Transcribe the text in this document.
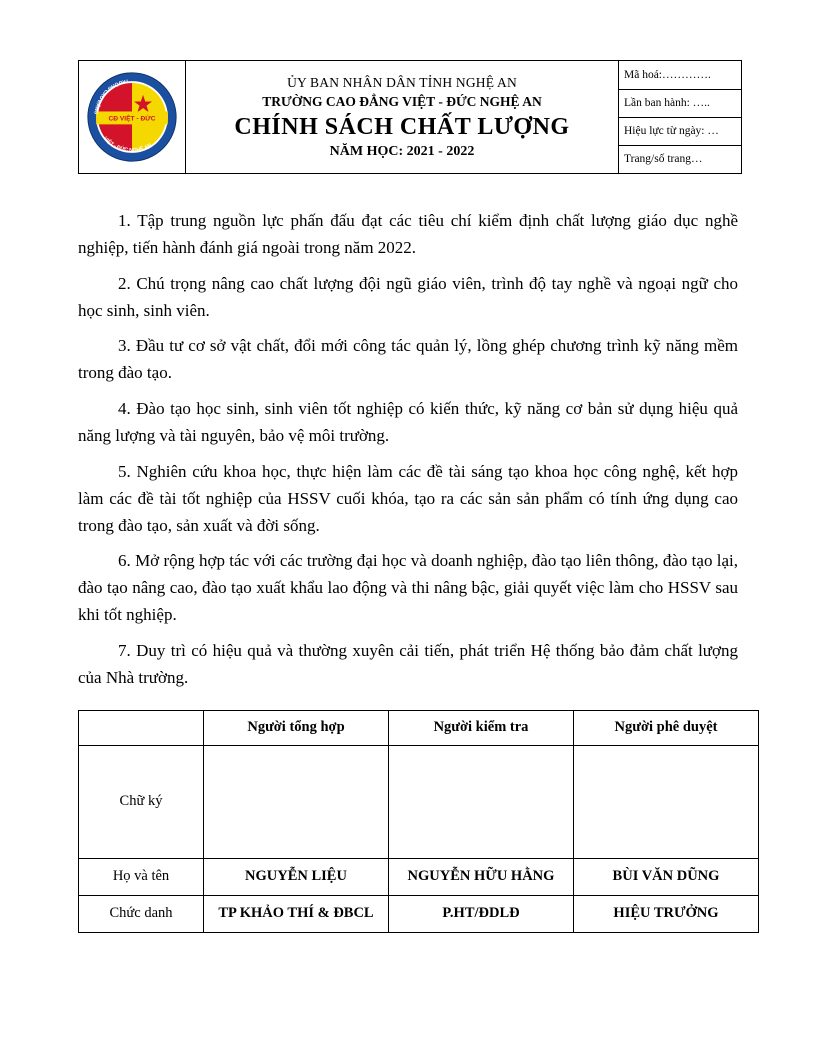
CĐ VIỆT - ĐỨC
TRƯỜNG CAO ĐẲNG
VIỆT - ĐỨC NGHỆ AN

ỦY BAN NHÂN DÂN TỈNH NGHỆ AN
TRƯỜNG CAO ĐẲNG VIỆT - ĐỨC NGHỆ AN
CHÍNH SÁCH CHẤT LƯỢNG
NĂM HỌC: 2021 - 2022

Mã hoá:………….
Lần ban hành: …..
Hiệu lực từ ngày: …
Trang/số trang…

1. Tập trung nguồn lực phấn đấu đạt các tiêu chí kiểm định chất lượng giáo dục nghề nghiệp, tiến hành đánh giá ngoài trong năm 2022.

2. Chú trọng nâng cao chất lượng đội ngũ giáo viên, trình độ tay nghề và ngoại ngữ cho học sinh, sinh viên.

3. Đầu tư cơ sở vật chất, đổi mới công tác quản lý, lồng ghép chương trình kỹ năng mềm trong đào tạo.

4. Đào tạo học sinh, sinh viên tốt nghiệp có kiến thức, kỹ năng cơ bản sử dụng hiệu quả năng lượng và tài nguyên, bảo vệ môi trường.

5. Nghiên cứu khoa học, thực hiện làm các đề tài sáng tạo khoa học công nghệ, kết hợp làm các đề tài tốt nghiệp của HSSV cuối khóa, tạo ra các sản sản phẩm có tính ứng dụng cao trong đào tạo, sản xuất và đời sống.

6. Mở rộng hợp tác với các trường đại học và doanh nghiệp, đào tạo liên thông, đào tạo lại, đào tạo nâng cao, đào tạo xuất khẩu lao động và thi nâng bậc, giải quyết việc làm cho HSSV sau khi tốt nghiệp.

7. Duy trì có hiệu quả và thường xuyên cải tiến, phát triển Hệ thống bảo đảm chất lượng của Nhà trường.

	Người tổng hợp	Người kiểm tra	Người phê duyệt
Chữ ký			
Họ và tên	NGUYỄN LIỆU	NGUYỄN HỮU HẰNG	BÙI VĂN DŨNG
Chức danh	TP KHẢO THÍ & ĐBCL	P.HT/ĐDLĐ	HIỆU TRƯỞNG
